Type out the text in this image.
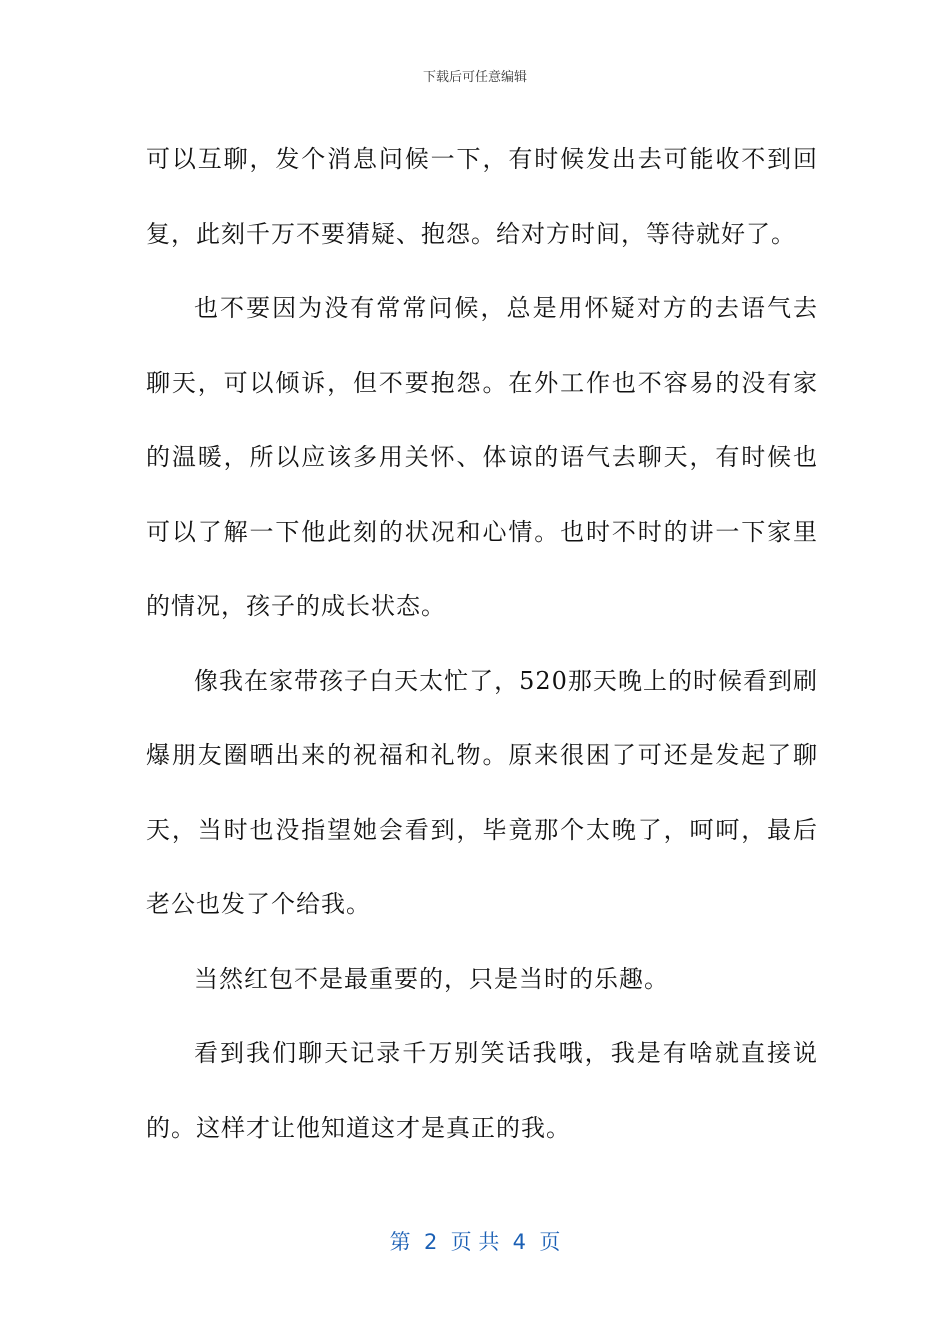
下载后可任意编辑

可以互聊，发个消息问候一下，有时候发出去可能收不到回复，此刻千万不要猜疑、抱怨。给对方时间，等待就好了。

也不要因为没有常常问候，总是用怀疑对方的去语气去聊天，可以倾诉，但不要抱怨。在外工作也不容易的没有家的温暖，所以应该多用关怀、体谅的语气去聊天，有时候也可以了解一下他此刻的状况和心情。也时不时的讲一下家里的情况，孩子的成长状态。

像我在家带孩子白天太忙了，520那天晚上的时候看到刷爆朋友圈晒出来的祝福和礼物。原来很困了可还是发起了聊天，当时也没指望她会看到，毕竟那个太晚了，呵呵，最后老公也发了个给我。

当然红包不是最重要的，只是当时的乐趣。

看到我们聊天记录千万别笑话我哦，我是有啥就直接说的。这样才让他知道这才是真正的我。

第  2  页 共  4  页
